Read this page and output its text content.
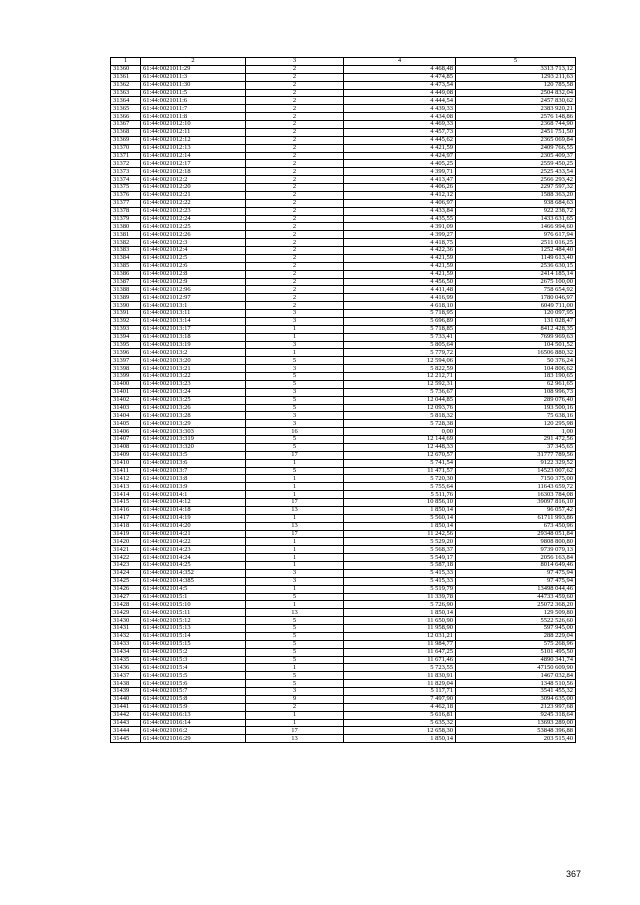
1	2	3	4	5
31360	61:44:0021011:29	2	4 468,48	3313 713,12
31361	61:44:0021011:3	2	4 474,85	1293 211,63
31362	61:44:0021011:30	2	4 473,54	120 785,58
31363	61:44:0021011:5	2	4 449,08	2504 832,04
31364	61:44:0021011:6	2	4 444,54	2457 830,62
31365	61:44:0021011:7	2	4 439,33	2383 920,21
31366	61:44:0021011:8	2	4 434,08	2576 148,86
31367	61:44:0021012:10	2	4 469,33	2368 744,90
31368	61:44:0021012:11	2	4 457,73	2451 751,50
31369	61:44:0021012:12	2	4 445,62	2365 069,84
31370	61:44:0021012:13	2	4 421,59	2409 766,55
31371	61:44:0021012:14	2	4 424,97	2305 409,37
31372	61:44:0021012:17	2	4 405,25	2559 450,25
31373	61:44:0021012:18	2	4 399,71	2525 433,54
31374	61:44:0021012:2	2	4 413,47	2566 293,42
31375	61:44:0021012:20	2	4 406,26	2297 597,32
31376	61:44:0021012:21	2	4 412,12	1588 363,20
31377	61:44:0021012:22	2	4 406,97	938 684,63
31378	61:44:0021012:23	2	4 433,84	922 238,72
31379	61:44:0021012:24	2	4 435,55	1433 631,65
31380	61:44:0021012:25	2	4 391,09	1466 994,60
31381	61:44:0021012:26	2	4 399,27	976 617,94
31382	61:44:0021012:3	2	4 418,75	2511 016,25
31383	61:44:0021012:4	2	4 422,36	1252 484,40
31384	61:44:0021012:5	2	4 421,59	1149 613,40
31385	61:44:0021012:6	2	4 421,59	2536 630,15
31386	61:44:0021012:8	2	4 421,59	2414 185,14
31387	61:44:0021012:9	2	4 456,50	2675 100,00
31388	61:44:0021012:96	2	4 411,48	758 654,92
31389	61:44:0021012:97	2	4 416,99	1780 046,97
31390	61:44:0021013:1	2	4 618,10	6049 711,00
31391	61:44:0021013:11	3	5 718,95	120 097,95
31392	61:44:0021013:14	3	5 696,89	131 028,47
31393	61:44:0021013:17	1	5 718,85	8412 428,35
31394	61:44:0021013:18	1	5 733,41	7699 969,63
31395	61:44:0021013:19	3	5 805,64	104 501,52
31396	61:44:0021013:2	1	5 779,72	16506 880,32
31397	61:44:0021013:20	5	12 594,06	50 376,24
31398	61:44:0021013:21	3	5 822,59	104 806,62
31399	61:44:0021013:22	5	12 212,71	183 190,65
31400	61:44:0021013:23	5	12 592,31	62 961,65
31401	61:44:0021013:24	3	5 736,67	108 996,73
31402	61:44:0021013:25	5	12 044,85	289 076,40
31403	61:44:0021013:26	5	12 093,76	193 500,16
31404	61:44:0021013:28	3	5 818,32	75 638,16
31405	61:44:0021013:29	3	5 728,38	120 295,98
31406	61:44:0021013:303	16	0,00	1,00
31407	61:44:0021013:319	5	12 144,69	291 472,56
31408	61:44:0021013:320	5	12 448,33	37 345,65
31409	61:44:0021013:5	17	12 670,57	31777 789,56
31410	61:44:0021013:6	1	5 741,54	9122 329,52
31411	61:44:0021013:7	5	11 471,57	14523 007,62
31412	61:44:0021013:8	1	5 720,30	7150 375,00
31413	61:44:0021013:9	1	5 755,64	11643 659,72
31414	61:44:0021014:1	1	5 511,76	16303 784,08
31415	61:44:0021014:12	17	10 856,10	39097 816,10
31416	61:44:0021014:18	13	1 850,14	96 057,42
31417	61:44:0021014:19	1	5 560,14	61711 993,86
31418	61:44:0021014:20	13	1 850,14	673 450,96
31419	61:44:0021014:21	17	11 242,56	29348 051,84
31420	61:44:0021014:22	1	5 529,20	9808 800,80
31421	61:44:0021014:23	1	5 568,37	9739 079,13
31422	61:44:0021014:24	1	5 549,17	2056 163,84
31423	61:44:0021014:25	1	5 587,18	8014 649,46
31424	61:44:0021014:352	3	5 415,33	97 475,94
31425	61:44:0021014:385	3	5 415,33	97 475,94
31426	61:44:0021014:5	1	5 519,79	13498 044,46
31427	61:44:0021015:1	5	11 339,78	44733 459,60
31428	61:44:0021015:10	1	5 726,90	25072 368,20
31429	61:44:0021015:11	13	1 850,14	129 509,80
31430	61:44:0021015:12	5	11 650,90	5522 526,60
31431	61:44:0021015:13	5	11 958,90	597 945,00
31432	61:44:0021015:14	5	12 031,21	288 229,04
31433	61:44:0021015:15	5	11 984,77	575 268,96
31434	61:44:0021015:2	5	11 647,25	5101 495,50
31435	61:44:0021015:3	5	11 671,46	4890 341,74
31436	61:44:0021015:4	1	5 723,55	47150 609,90
31437	61:44:0021015:5	5	11 830,91	1467 032,84
31438	61:44:0021015:6	5	11 829,04	1348 510,56
31439	61:44:0021015:7	3	5 117,71	3541 455,32
31440	61:44:0021015:8	9	7 497,90	3094 635,00
31441	61:44:0021015:9	2	4 462,18	2123 997,68
31442	61:44:0021016:13	1	5 616,81	9245 318,64
31443	61:44:0021016:14	1	5 635,32	13693 289,00
31444	61:44:0021016:2	17	12 658,30	53848 396,88
31445	61:44:0021016:29	13	1 850,14	203 515,40
367
